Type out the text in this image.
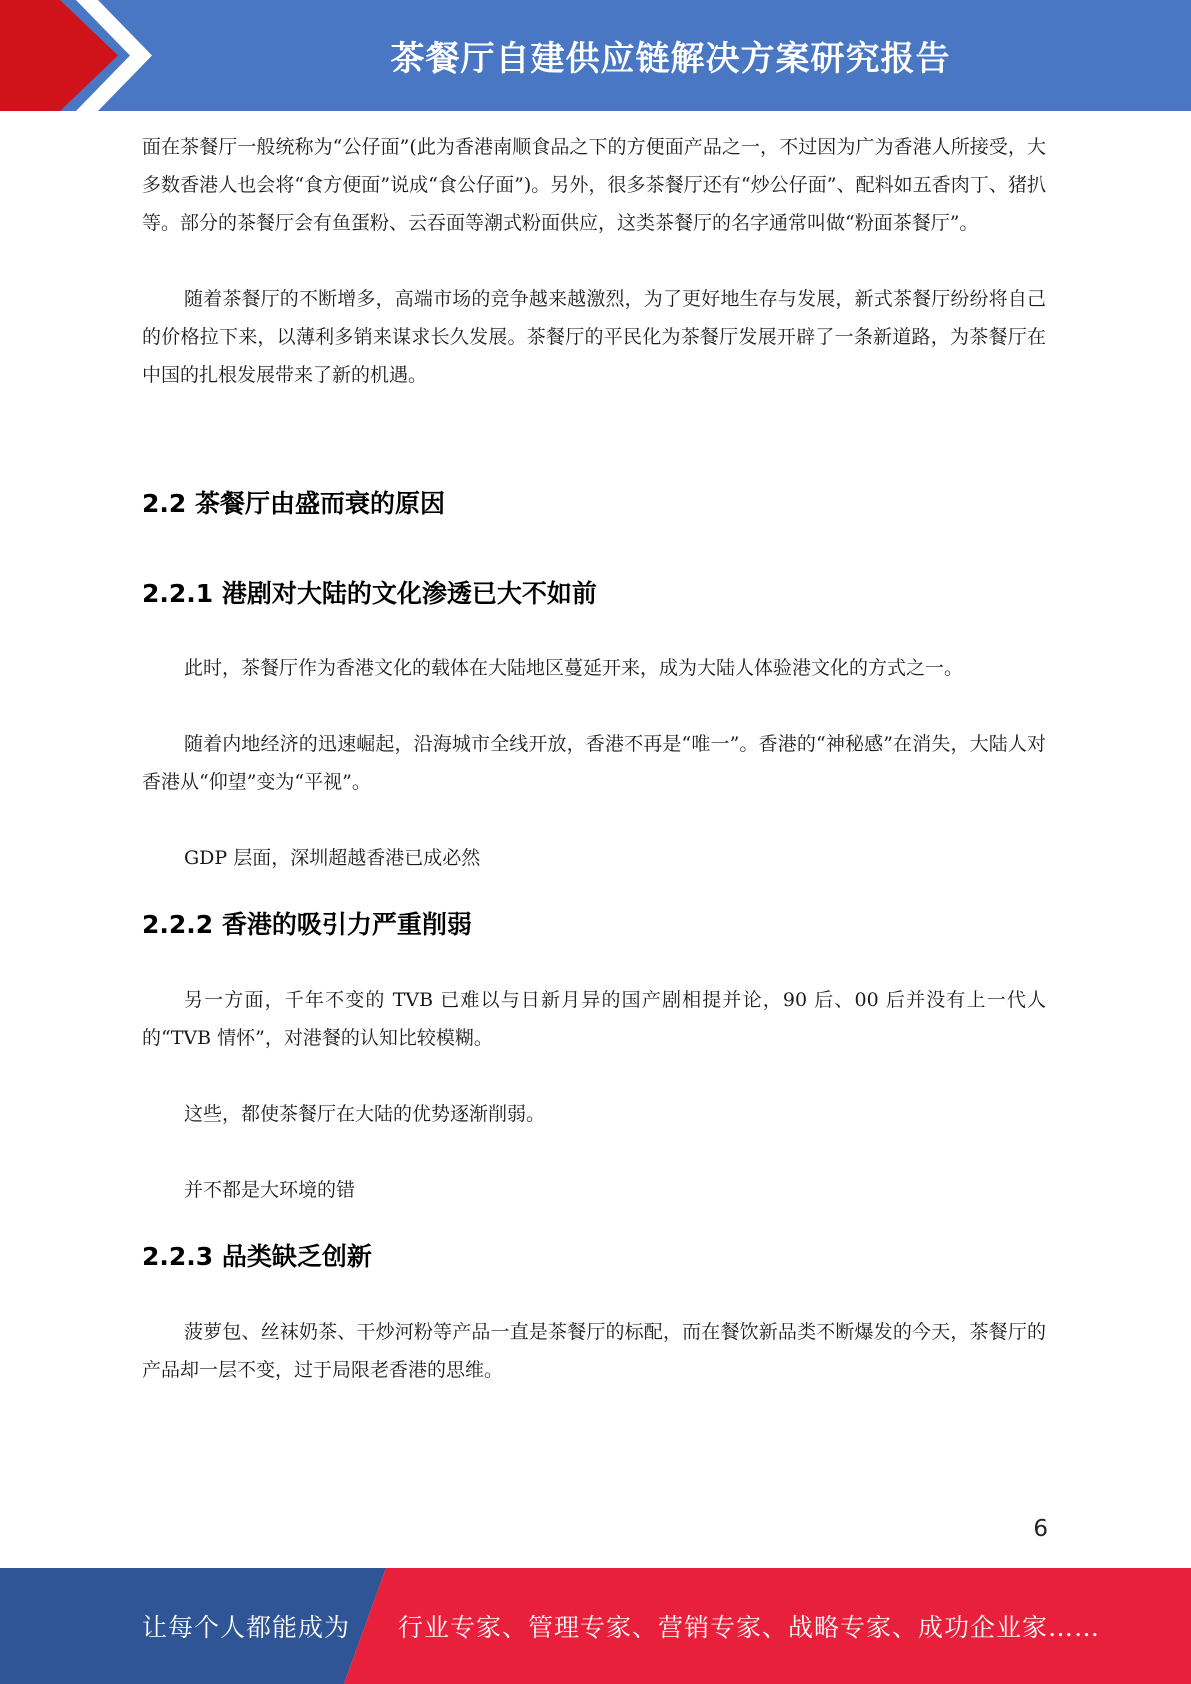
茶餐厅自建供应链解决方案研究报告

面在茶餐厅一般统称为“公仔面”(此为香港南顺食品之下的方便面产品之一，不过因为广为香港人所接受，大多数香港人也会将“食方便面”说成“食公仔面”)。另外，很多茶餐厅还有“炒公仔面”、配料如五香肉丁、猪扒等。部分的茶餐厅会有鱼蛋粉、云吞面等潮式粉面供应，这类茶餐厅的名字通常叫做“粉面茶餐厅”。

随着茶餐厅的不断增多，高端市场的竞争越来越激烈，为了更好地生存与发展，新式茶餐厅纷纷将自己的价格拉下来，以薄利多销来谋求长久发展。茶餐厅的平民化为茶餐厅发展开辟了一条新道路，为茶餐厅在中国的扎根发展带来了新的机遇。

2.2 茶餐厅由盛而衰的原因
2.2.1 港剧对大陆的文化渗透已大不如前

此时，茶餐厅作为香港文化的载体在大陆地区蔓延开来，成为大陆人体验港文化的方式之一。

随着内地经济的迅速崛起，沿海城市全线开放，香港不再是“唯一”。香港的“神秘感”在消失，大陆人对香港从“仰望”变为“平视”。

GDP 层面，深圳超越香港已成必然

2.2.2 香港的吸引力严重削弱

另一方面，千年不变的 TVB 已难以与日新月异的国产剧相提并论，90 后、00 后并没有上一代人的“TVB 情怀”，对港餐的认知比较模糊。

这些，都使茶餐厅在大陆的优势逐渐削弱。

并不都是大环境的错

2.2.3 品类缺乏创新

菠萝包、丝袜奶茶、干炒河粉等产品一直是茶餐厅的标配，而在餐饮新品类不断爆发的今天，茶餐厅的产品却一层不变，过于局限老香港的思维。

6
让每个人都能成为 行业专家、管理专家、营销专家、战略专家、成功企业家……
